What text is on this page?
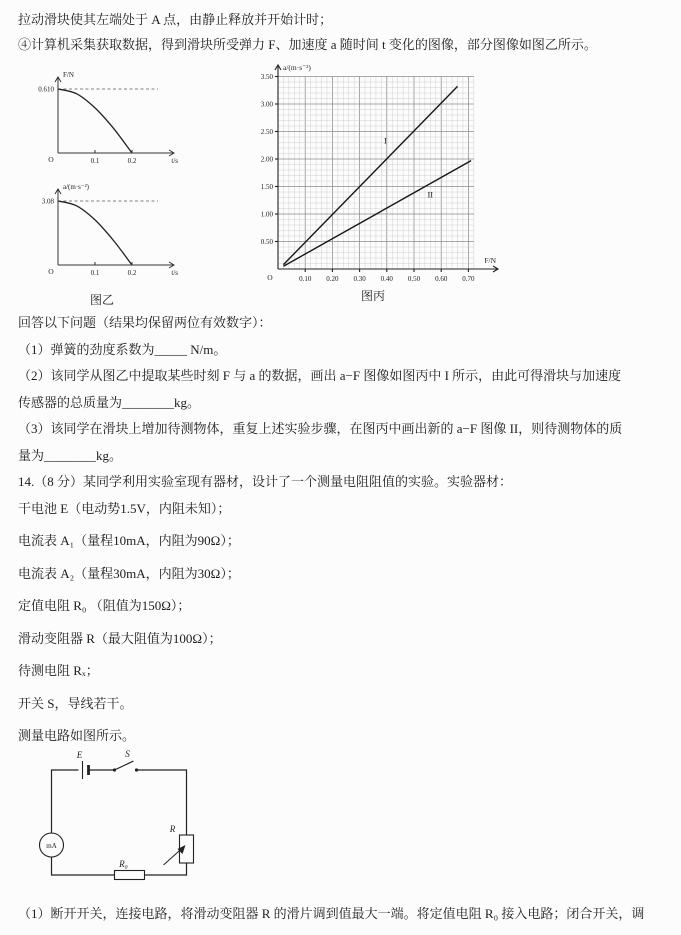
拉动滑块使其左端处于 A 点，由静止释放并开始计时；

④计算机采集获取数据，得到滑块所受弹力 F、加速度 a 随时间 t 变化的图像，部分图像如图乙所示。

0.1	0.2
0.610
F/N
t/s
O
0.1	0.2
3.08
a/(m·s⁻²)
t/s
O
图乙
0.10 0.20 0.30 0.40 0.50 0.60 0.70
0.50
1.00
1.50
2.00
2.50
3.00
3.50
I
II
a/(m·s⁻²)
F/N
O
图丙

回答以下问题（结果均保留两位有效数字）：

（1）弹簧的劲度系数为_____ N/m。

（2）该同学从图乙中提取某些时刻 F 与 a 的数据，画出 a−F 图像如图丙中 I 所示，由此可得滑块与加速度

传感器的总质量为________kg。

（3）该同学在滑块上增加待测物体，重复上述实验步骤，在图丙中画出新的 a−F 图像 II，则待测物体的质

量为________kg。

14.（8 分）某同学利用实验室现有器材，设计了一个测量电阻阻值的实验。实验器材：

干电池 E（电动势1.5V，内阻未知）；

电流表 A₁（量程10mA，内阻为90Ω）；

电流表 A₂（量程30mA，内阻为30Ω）；

定值电阻 R₀ （阻值为150Ω）；

滑动变阻器 R（最大阻值为100Ω）；

待测电阻 Rₓ；

开关 S，导线若干。

测量电路如图所示。

E	S
mA
R
R₀

（1）断开开关，连接电路，将滑动变阻器 R 的滑片调到值最大一端。将定值电阻 R₀ 接入电路；闭合开关，调
